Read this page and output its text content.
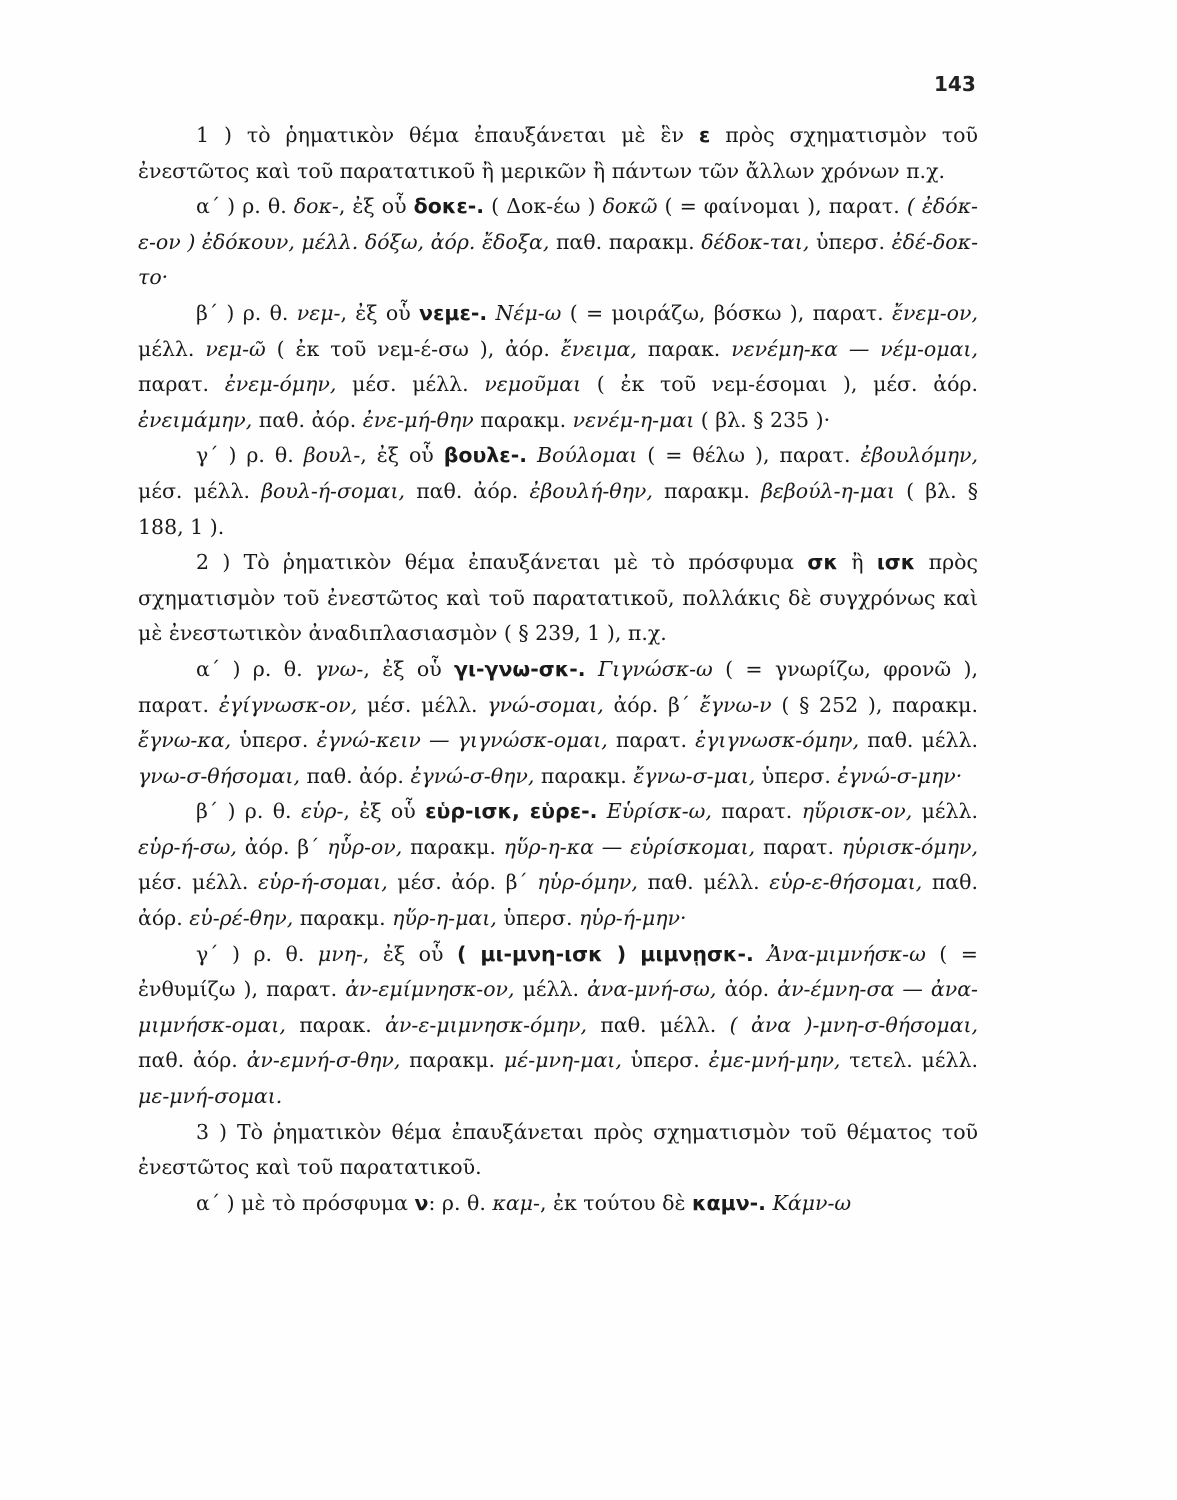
143

1 ) τὸ ῥηματικὸν θέμα ἐπαυξάνεται μὲ ἓν ε πρὸς σχηματισμὸν τοῦ ἐνεστῶτος καὶ τοῦ παρατατικοῦ ἢ μερικῶν ἢ πάντων τῶν ἄλλων χρόνων π.χ.

α΄ ) ρ. θ. δοκ-, ἐξ οὗ δοκε-. ( Δοκ-έω ) δοκῶ ( = φαίνομαι ), παρατ. ( ἐδόκ-ε-ον ) ἐδόκουν, μέλλ. δόξω, ἀόρ. ἔδοξα, παθ. παρακμ. δέδοκ-ται, ὑπερσ. ἐδέ-δοκ-το·

β΄ ) ρ. θ. νεμ-, ἐξ οὗ νεμε-. Νέμ-ω ( = μοιράζω, βόσκω ), παρατ. ἔνεμ-ον, μέλλ. νεμ-ῶ ( ἐκ τοῦ νεμ-έ-σω ), ἀόρ. ἔνειμα, παρακ. νενέμη-κα — νέμ-ομαι, παρατ. ἐνεμ-όμην, μέσ. μέλλ. νεμοῦμαι ( ἐκ τοῦ νεμ-έσομαι ), μέσ. ἀόρ. ἐνειμάμην, παθ. ἀόρ. ἐνε-μή-θην παρακμ. νενέμ-η-μαι ( βλ. § 235 )·

γ΄ ) ρ. θ. βουλ-, ἐξ οὗ βουλε-. Βούλομαι ( = θέλω ), παρατ. ἐβουλόμην, μέσ. μέλλ. βουλ-ή-σομαι, παθ. ἀόρ. ἐβουλή-θην, παρακμ. βεβούλ-η-μαι ( βλ. § 188, 1 ).

2 ) Τὸ ῥηματικὸν θέμα ἐπαυξάνεται μὲ τὸ πρόσφυμα σκ ἢ ισκ πρὸς σχηματισμὸν τοῦ ἐνεστῶτος καὶ τοῦ παρατατικοῦ, πολλάκις δὲ συγχρόνως καὶ μὲ ἐνεστωτικὸν ἀναδιπλασιασμὸν ( § 239, 1 ), π.χ.

α΄ ) ρ. θ. γνω-, ἐξ οὗ γι-γνω-σκ-. Γιγνώσκ-ω ( = γνωρίζω, φρονῶ ), παρατ. ἐγίγνωσκ-ον, μέσ. μέλλ. γνώ-σομαι, ἀόρ. β΄ ἔγνω-ν ( § 252 ), παρακμ. ἔγνω-κα, ὑπερσ. ἐγνώ-κειν — γιγνώσκ-ομαι, παρατ. ἐγιγνωσκ-όμην, παθ. μέλλ. γνω-σ-θήσομαι, παθ. ἀόρ. ἐγνώ-σ-θην, παρακμ. ἔγνω-σ-μαι, ὑπερσ. ἐγνώ-σ-μην·

β΄ ) ρ. θ. εὑρ-, ἐξ οὗ εὑρ-ισκ, εὑρε-. Εὑρίσκ-ω, παρατ. ηὕρισκ-ον, μέλλ. εὑρ-ή-σω, ἀόρ. β΄ ηὗρ-ον, παρακμ. ηὕρ-η-κα — εὑρίσκομαι, παρατ. ηὑρισκ-όμην, μέσ. μέλλ. εὑρ-ή-σομαι, μέσ. ἀόρ. β΄ ηὑρ-όμην, παθ. μέλλ. εὑρ-ε-θήσομαι, παθ. ἀόρ. εὑ-ρέ-θην, παρακμ. ηὕρ-η-μαι, ὑπερσ. ηὑρ-ή-μην·

γ΄ ) ρ. θ. μνη-, ἐξ οὗ ( μι-μνη-ισκ ) μιμνῃσκ-. Ἀνα-μιμνήσκ-ω ( = ἐνθυμίζω ), παρατ. ἀν-εμίμνησκ-ον, μέλλ. ἀνα-μνή-σω, ἀόρ. ἀν-έμνη-σα — ἀνα-μιμνήσκ-ομαι, παρακ. ἀν-ε-μιμνησκ-όμην, παθ. μέλλ. ( ἀνα )-μνη-σ-θήσομαι, παθ. ἀόρ. ἀν-εμνή-σ-θην, παρακμ. μέ-μνη-μαι, ὑπερσ. ἐμε-μνή-μην, τετελ. μέλλ. με-μνή-σομαι.

3 ) Τὸ ῥηματικὸν θέμα ἐπαυξάνεται πρὸς σχηματισμὸν τοῦ θέματος τοῦ ἐνεστῶτος καὶ τοῦ παρατατικοῦ.

α΄ ) μὲ τὸ πρόσφυμα ν: ρ. θ. καμ-, ἐκ τούτου δὲ καμν-. Κάμν-ω
